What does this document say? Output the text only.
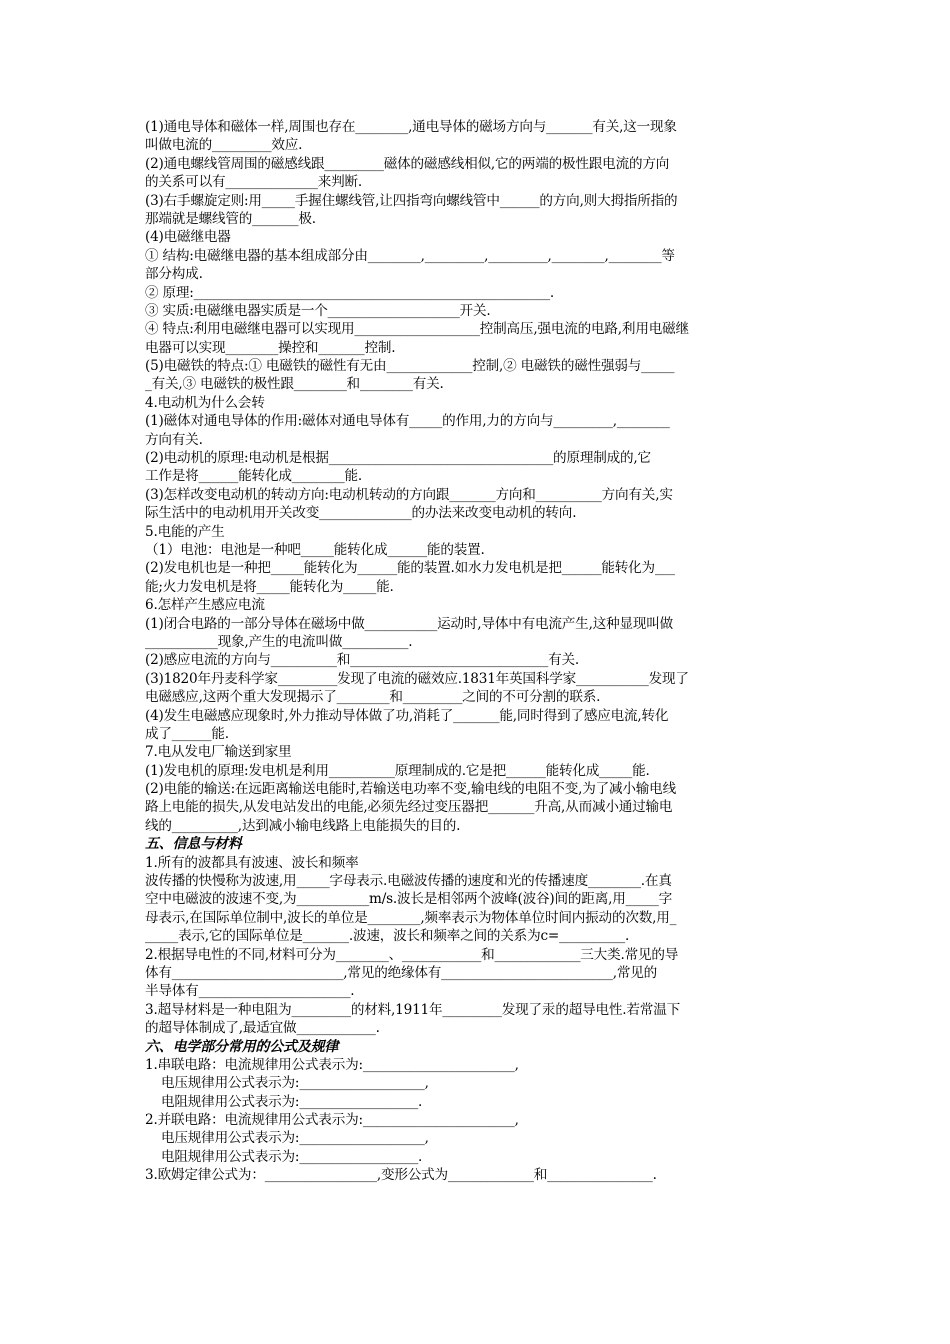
(1)通电导体和磁体一样,周围也存在________,通电导体的磁场方向与_______有关,这一现象
叫做电流的_________效应.
(2)通电螺线管周围的磁感线跟_________磁体的磁感线相似,它的两端的极性跟电流的方向
的关系可以有______________来判断.
(3)右手螺旋定则:用_____手握住螺线管,让四指弯向螺线管中______的方向,则大拇指所指的
那端就是螺线管的_______极.
(4)电磁继电器
① 结构:电磁继电器的基本组成部分由________,_________,_________,________,________等
部分构成.
② 原理:______________________________________________________.
③ 实质:电磁继电器实质是一个____________________开关.
④ 特点:利用电磁继电器可以实现用___________________控制高压,强电流的电路,利用电磁继
电器可以实现________操控和_______控制.
(5)电磁铁的特点:① 电磁铁的磁性有无由_____________控制,② 电磁铁的磁性强弱与_____
_有关,③ 电磁铁的极性跟________和________有关.
4.电动机为什么会转
(1)磁体对通电导体的作用:磁体对通电导体有_____的作用,力的方向与_________,________
方向有关.
(2)电动机的原理:电动机是根据__________________________________的原理制成的,它
工作是将______能转化成________能.
(3)怎样改变电动机的转动方向:电动机转动的方向跟_______方向和__________方向有关,实
际生活中的电动机用开关改变______________的办法来改变电动机的转向.
5.电能的产生
（1）电池：电池是一种吧_____能转化成______能的装置.
(2)发电机也是一种把_____能转化为______能的装置.如水力发电机是把______能转化为___
能;火力发电机是将_____能转化为_____能.
6.怎样产生感应电流
(1)闭合电路的一部分导体在磁场中做___________运动时,导体中有电流产生,这种显现叫做
___________现象,产生的电流叫做__________.
(2)感应电流的方向与__________和______________________________有关.
(3)1820年丹麦科学家_________发现了电流的磁效应.1831年英国科学家___________发现了
电磁感应,这两个重大发现揭示了________和_________之间的不可分割的联系.
(4)发生电磁感应现象时,外力推动导体做了功,消耗了_______能,同时得到了感应电流,转化
成了______能.
7.电从发电厂输送到家里
(1)发电机的原理:发电机是利用__________原理制成的.它是把______能转化成_____能.
(2)电能的输送:在远距离输送电能时,若输送电功率不变,输电线的电阻不变,为了减小输电线
路上电能的损失,从发电站发出的电能,必须先经过变压器把_______升高,从而减小通过输电
线的__________,达到减小输电线路上电能损失的目的.
五、信息与材料
1.所有的波都具有波速、波长和频率
波传播的快慢称为波速,用_____字母表示.电磁波传播的速度和光的传播速度________.在真
空中电磁波的波速不变,为___________m/s.波长是相邻两个波峰(波谷)间的距离,用_____字
母表示,在国际单位制中,波长的单位是________,频率表示为物体单位时间内振动的次数,用_
_____表示,它的国际单位是_______.波速，波长和频率之间的关系为c=__________.
2.根据导电性的不同,材料可分为________、____________和_____________三大类.常见的导
体有__________________________,常见的绝缘体有__________________________,常见的
半导体有_______________________.
3.超导材料是一种电阻为_________的材料,1911年_________发现了汞的超导电性.若常温下
的超导体制成了,最适宜做____________.
六、电学部分常用的公式及规律
1.串联电路：电流规律用公式表示为:_______________________,
电压规律用公式表示为:___________________,
电阻规律用公式表示为:__________________.
2.并联电路：电流规律用公式表示为:_______________________,
电压规律用公式表示为:___________________,
电阻规律用公式表示为:__________________.
3.欧姆定律公式为：_________________,变形公式为_____________和________________.
